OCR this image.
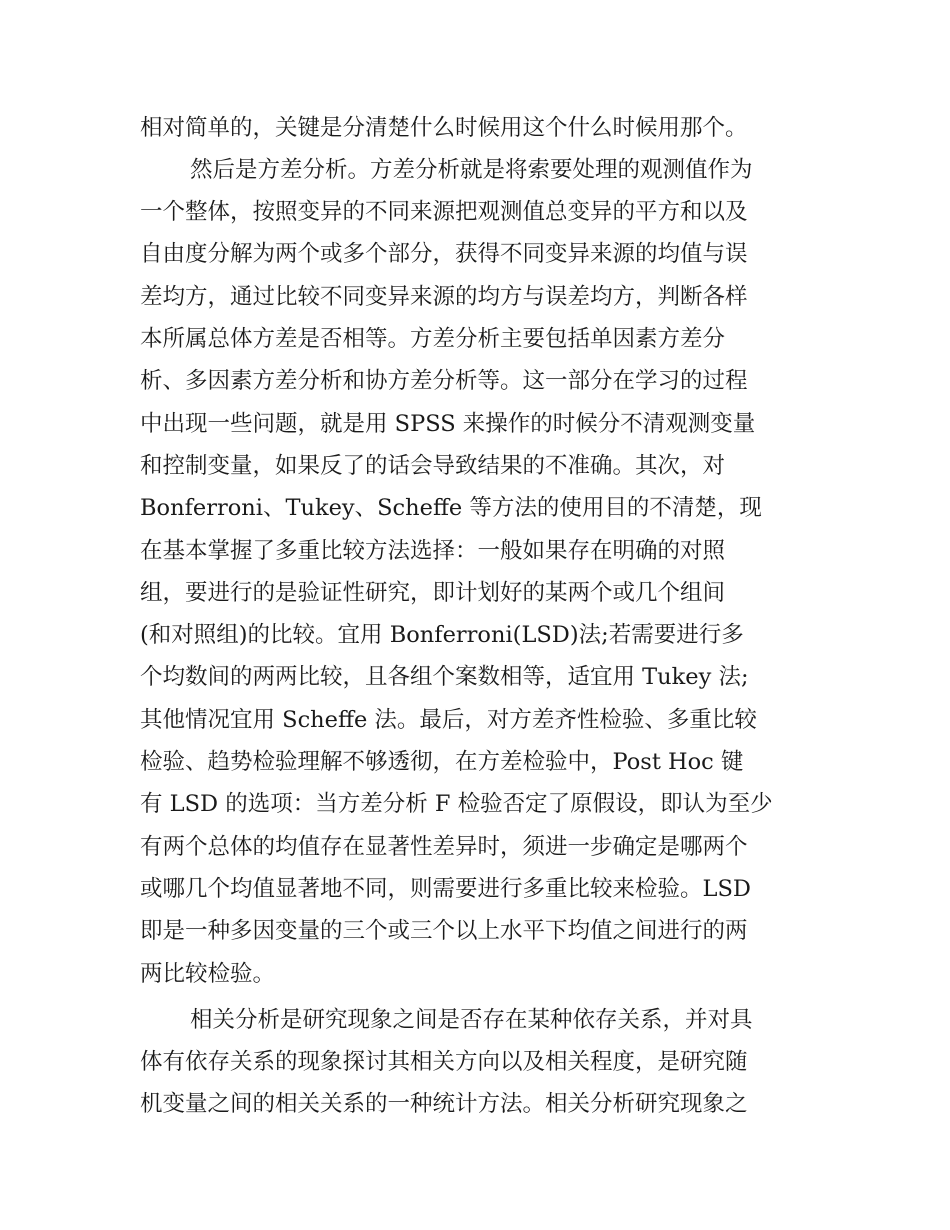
相对简单的，关键是分清楚什么时候用这个什么时候用那个。
然后是方差分析。方差分析就是将索要处理的观测值作为
一个整体，按照变异的不同来源把观测值总变异的平方和以及
自由度分解为两个或多个部分，获得不同变异来源的均值与误
差均方，通过比较不同变异来源的均方与误差均方，判断各样
本所属总体方差是否相等。方差分析主要包括单因素方差分
析、多因素方差分析和协方差分析等。这一部分在学习的过程
中出现一些问题，就是用 SPSS 来操作的时候分不清观测变量
和控制变量，如果反了的话会导致结果的不准确。其次，对
Bonferroni、Tukey、Scheffe 等方法的使用目的不清楚，现
在基本掌握了多重比较方法选择：一般如果存在明确的对照
组，要进行的是验证性研究，即计划好的某两个或几个组间
(和对照组)的比较。宜用 Bonferroni(LSD)法;若需要进行多
个均数间的两两比较，且各组个案数相等，适宜用 Tukey 法;
其他情况宜用 Scheffe 法。最后，对方差齐性检验、多重比较
检验、趋势检验理解不够透彻，在方差检验中，Post Hoc 键
有 LSD 的选项：当方差分析 F 检验否定了原假设，即认为至少
有两个总体的均值存在显著性差异时，须进一步确定是哪两个
或哪几个均值显著地不同，则需要进行多重比较来检验。LSD
即是一种多因变量的三个或三个以上水平下均值之间进行的两
两比较检验。
相关分析是研究现象之间是否存在某种依存关系，并对具
体有依存关系的现象探讨其相关方向以及相关程度，是研究随
机变量之间的相关关系的一种统计方法。相关分析研究现象之
